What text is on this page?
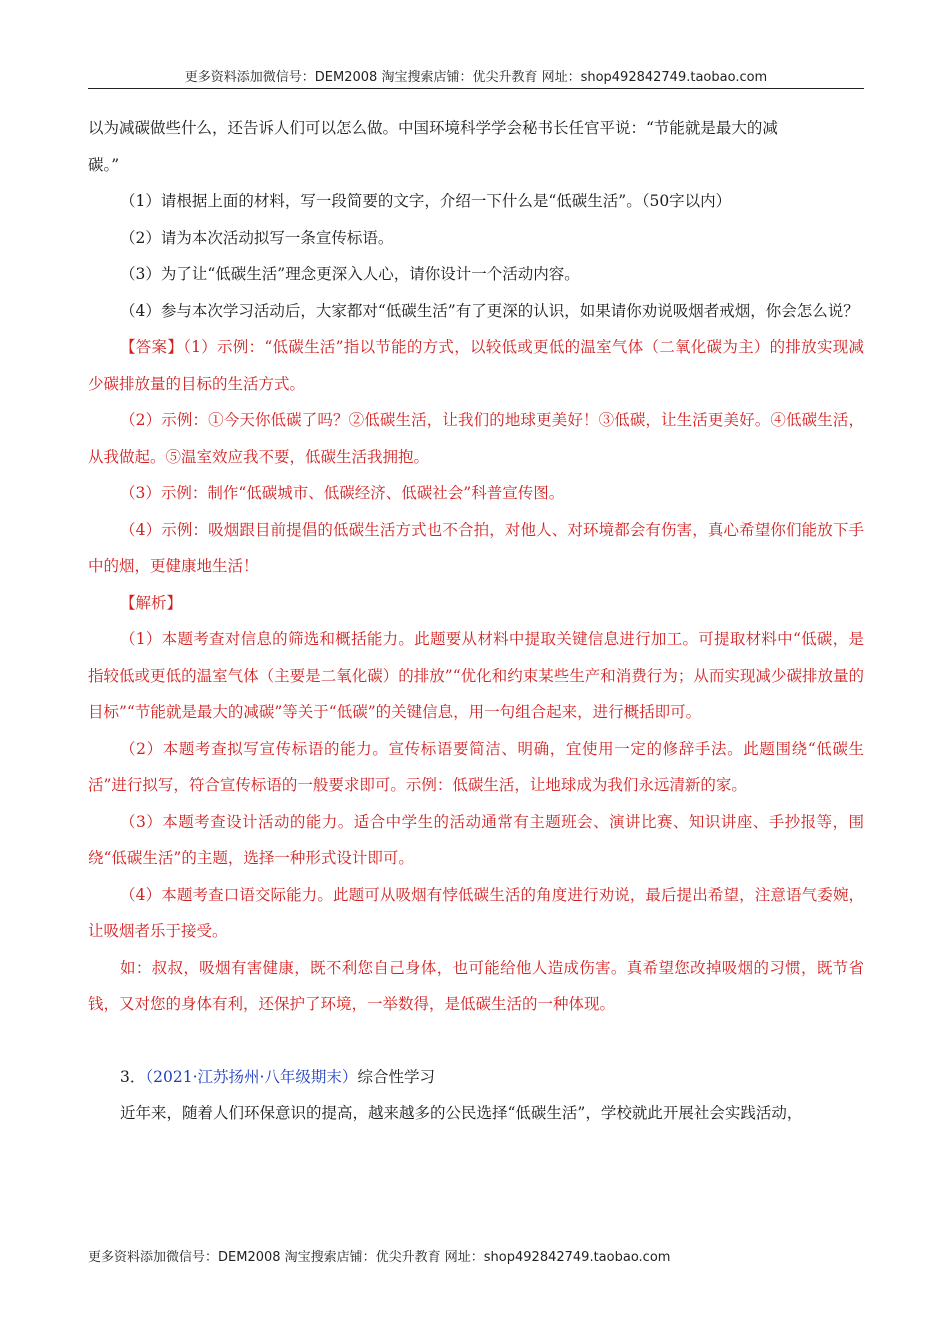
更多资料添加微信号：DEM2008 淘宝搜索店铺：优尖升教育 网址：shop492842749.taobao.com

以为减碳做些什么，还告诉人们可以怎么做。中国环境科学学会秘书长任官平说：“节能就是最大的减

碳。”

（1）请根据上面的材料，写一段简要的文字，介绍一下什么是“低碳生活”。（50字以内）

（2）请为本次活动拟写一条宣传标语。

（3）为了让“低碳生活”理念更深入人心，请你设计一个活动内容。

（4）参与本次学习活动后，大家都对“低碳生活”有了更深的认识，如果请你劝说吸烟者戒烟，你会怎么说？

【答案】（1）示例：“低碳生活”指以节能的方式，以较低或更低的温室气体（二氧化碳为主）的排放实现减少碳排放量的目标的生活方式。

（2）示例：①今天你低碳了吗？②低碳生活，让我们的地球更美好！③低碳，让生活更美好。④低碳生活，从我做起。⑤温室效应我不要，低碳生活我拥抱。

（3）示例：制作“低碳城市、低碳经济、低碳社会”科普宣传图。

（4）示例：吸烟跟目前提倡的低碳生活方式也不合拍，对他人、对环境都会有伤害，真心希望你们能放下手中的烟，更健康地生活！

【解析】

（1）本题考查对信息的筛选和概括能力。此题要从材料中提取关键信息进行加工。可提取材料中“低碳，是指较低或更低的温室气体（主要是二氧化碳）的排放”“优化和约束某些生产和消费行为；从而实现减少碳排放量的目标”“节能就是最大的减碳”等关于“低碳”的关键信息，用一句组合起来，进行概括即可。

（2）本题考查拟写宣传标语的能力。宣传标语要简洁、明确，宜使用一定的修辞手法。此题围绕“低碳生活”进行拟写，符合宣传标语的一般要求即可。示例：低碳生活，让地球成为我们永远清新的家。

（3）本题考查设计活动的能力。适合中学生的活动通常有主题班会、演讲比赛、知识讲座、手抄报等，围绕“低碳生活”的主题，选择一种形式设计即可。

（4）本题考查口语交际能力。此题可从吸烟有悖低碳生活的角度进行劝说，最后提出希望，注意语气委婉，让吸烟者乐于接受。

如：叔叔，吸烟有害健康，既不利您自己身体，也可能给他人造成伤害。真希望您改掉吸烟的习惯，既节省钱，又对您的身体有利，还保护了环境，一举数得，是低碳生活的一种体现。

3．（2021·江苏扬州·八年级期末）综合性学习

近年来，随着人们环保意识的提高，越来越多的公民选择“低碳生活”，学校就此开展社会实践活动，

更多资料添加微信号：DEM2008 淘宝搜索店铺：优尖升教育 网址：shop492842749.taobao.com
